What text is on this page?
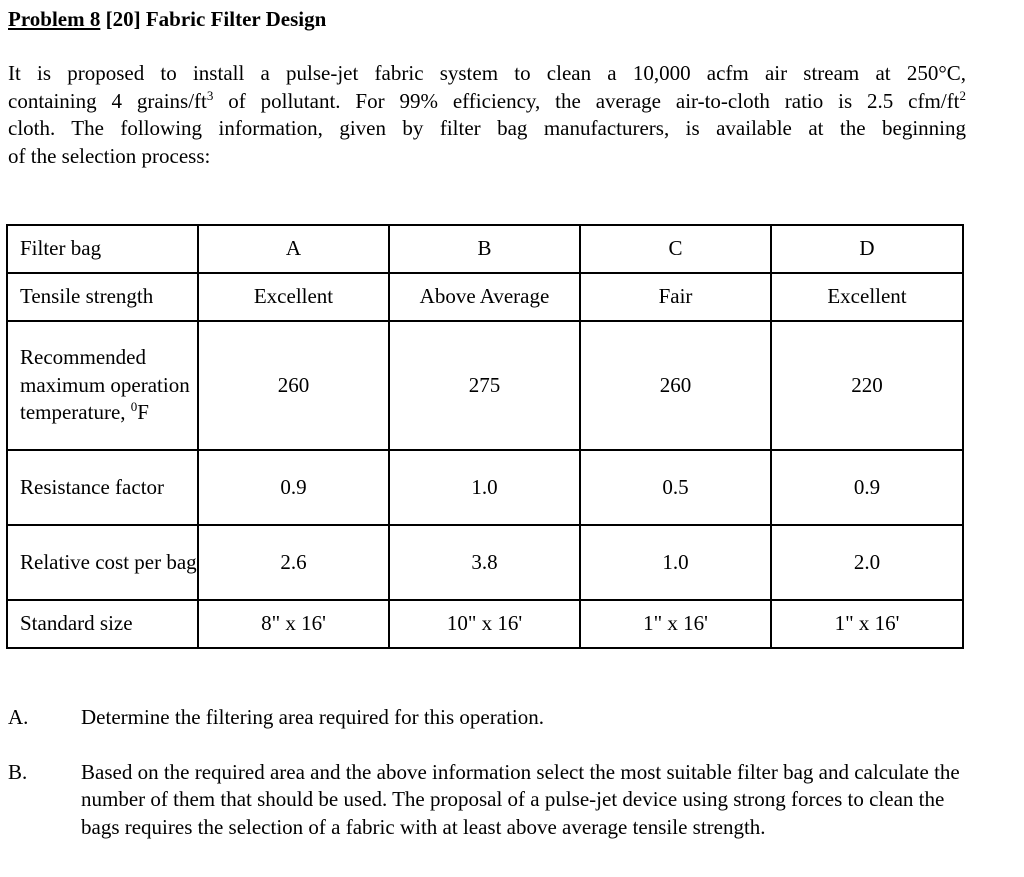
Problem 8 [20] Fabric Filter Design
It is proposed to install a pulse-jet fabric system to clean a 10,000 acfm air stream at 250°C,
containing 4 grains/$ft^3$ of pollutant. For 99% efficiency, the average air-to-cloth ratio is 2.5 cfm/$ft^2$
cloth. The following information, given by filter bag manufacturers, is available at the beginning
of the selection process:
Filter bag	A	B	C	D
Tensile strength	Excellent	Above Average	Fair	Excellent
Recommended maximum operation temperature, $^0$F	260	275	260	220
Resistance factor	0.9	1.0	0.5	0.9
Relative cost per bag	2.6	3.8	1.0	2.0
Standard size	8" x 16'	10" x 16'	1" x 16'	1" x 16'
A.	Determine the filtering area required for this operation.
B.	Based on the required area and the above information select the most suitable filter bag and calculate the number of them that should be used. The proposal of a pulse-jet device using strong forces to clean the bags requires the selection of a fabric with at least above average tensile strength.
